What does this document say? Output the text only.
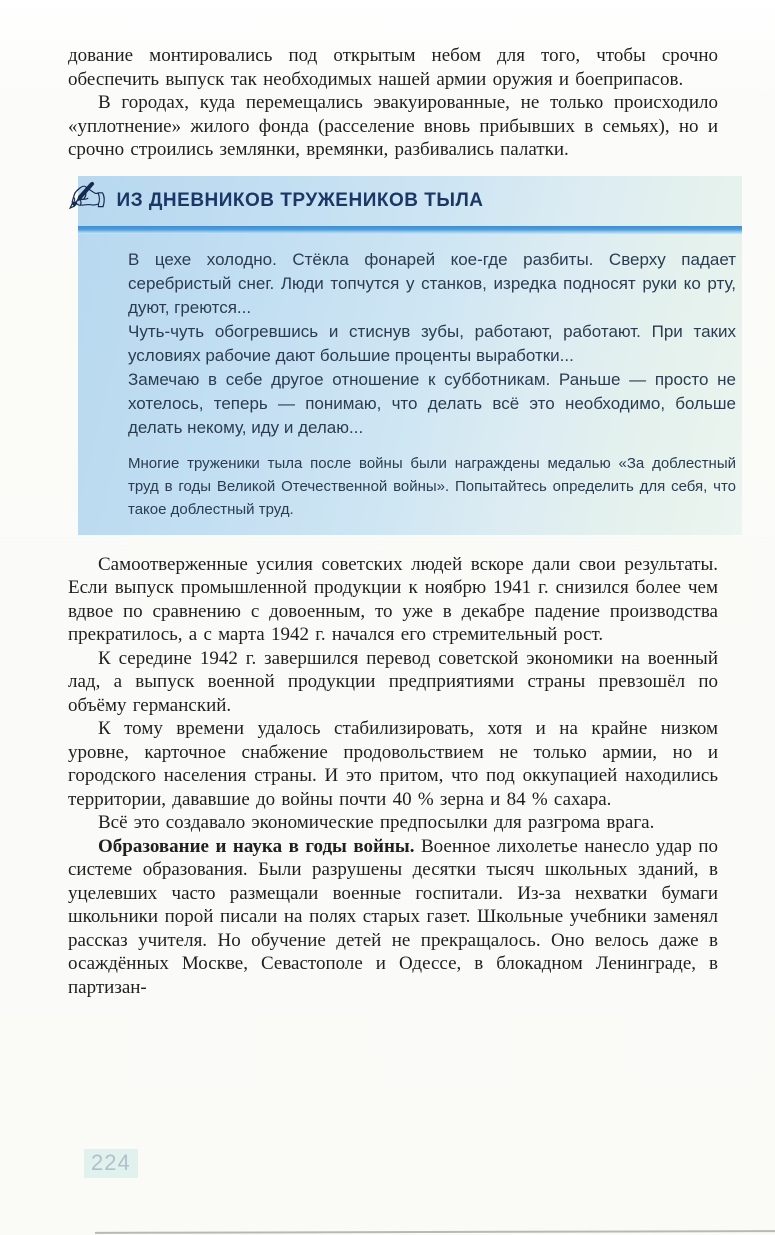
дование монтировались под открытым небом для того, чтобы срочно обеспечить выпуск так необходимых нашей армии оружия и боеприпасов.

В городах, куда перемещались эвакуированные, не только происходило «уплотнение» жилого фонда (расселение вновь прибывших в семьях), но и срочно строились землянки, времянки, разбивались палатки.

✍ ИЗ ДНЕВНИКОВ ТРУЖЕНИКОВ ТЫЛА

В цехе холодно. Стёкла фонарей кое-где разбиты. Сверху падает серебристый снег. Люди топчутся у станков, изредка подносят руки ко рту, дуют, греются...

Чуть-чуть обогревшись и стиснув зубы, работают, работают. При таких условиях рабочие дают большие проценты выработки...

Замечаю в себе другое отношение к субботникам. Раньше — просто не хотелось, теперь — понимаю, что делать всё это необходимо, больше делать некому, иду и делаю...

Многие труженики тыла после войны были награждены медалью «За доблестный труд в годы Великой Отечественной войны». Попытайтесь определить для себя, что такое доблестный труд.

Самоотверженные усилия советских людей вскоре дали свои результаты. Если выпуск промышленной продукции к ноябрю 1941 г. снизился более чем вдвое по сравнению с довоенным, то уже в декабре падение производства прекратилось, а с марта 1942 г. начался его стремительный рост.

К середине 1942 г. завершился перевод советской экономики на военный лад, а выпуск военной продукции предприятиями страны превзошёл по объёму германский.

К тому времени удалось стабилизировать, хотя и на крайне низком уровне, карточное снабжение продовольствием не только армии, но и городского населения страны. И это притом, что под оккупацией находились территории, дававшие до войны почти 40 % зерна и 84 % сахара.

Всё это создавало экономические предпосылки для разгрома врага.

Образование и наука в годы войны. Военное лихолетье нанесло удар по системе образования. Были разрушены десятки тысяч школьных зданий, в уцелевших часто размещали военные госпитали. Из-за нехватки бумаги школьники порой писали на полях старых газет. Школьные учебники заменял рассказ учителя. Но обучение детей не прекращалось. Оно велось даже в осаждённых Москве, Севастополе и Одессе, в блокадном Ленинграде, в партизан-

224
